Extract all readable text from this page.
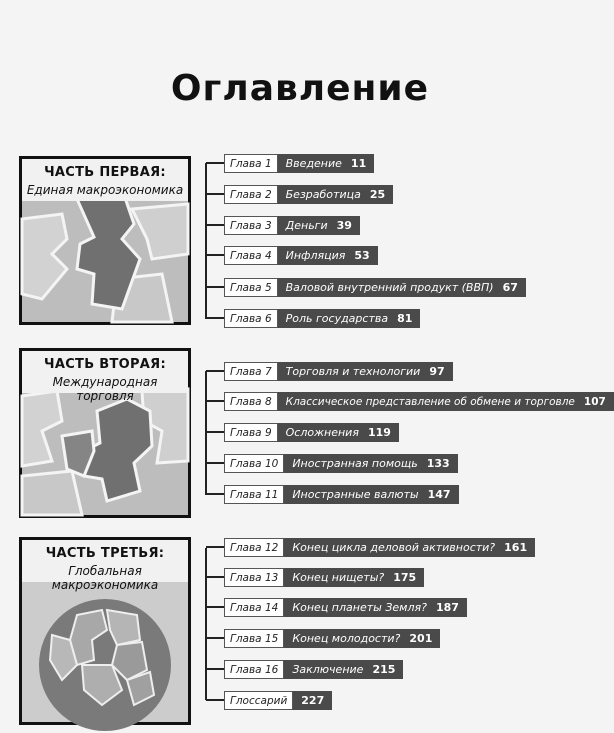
Оглавление
ЧАСТЬ ПЕРВАЯ:
Единая макроэкономика
ЧАСТЬ ВТОРАЯ:
Международная торговля
ЧАСТЬ ТРЕТЬЯ:
Глобальная макроэкономика
Глава 1	Введение 11
Глава 2	Безработица 25
Глава 3	Деньги 39
Глава 4	Инфляция 53
Глава 5	Валовой внутренний продукт (ВВП) 67
Глава 6	Роль государства 81
Глава 7	Торговля и технологии 97
Глава 8	Классическое представление об обмене и торговле 107
Глава 9	Осложнения 119
Глава 10	Иностранная помощь 133
Глава 11	Иностранные валюты 147
Глава 12	Конец цикла деловой активности? 161
Глава 13	Конец нищеты? 175
Глава 14	Конец планеты Земля? 187
Глава 15	Конец молодости? 201
Глава 16	Заключение 215
Глоссарий	227
